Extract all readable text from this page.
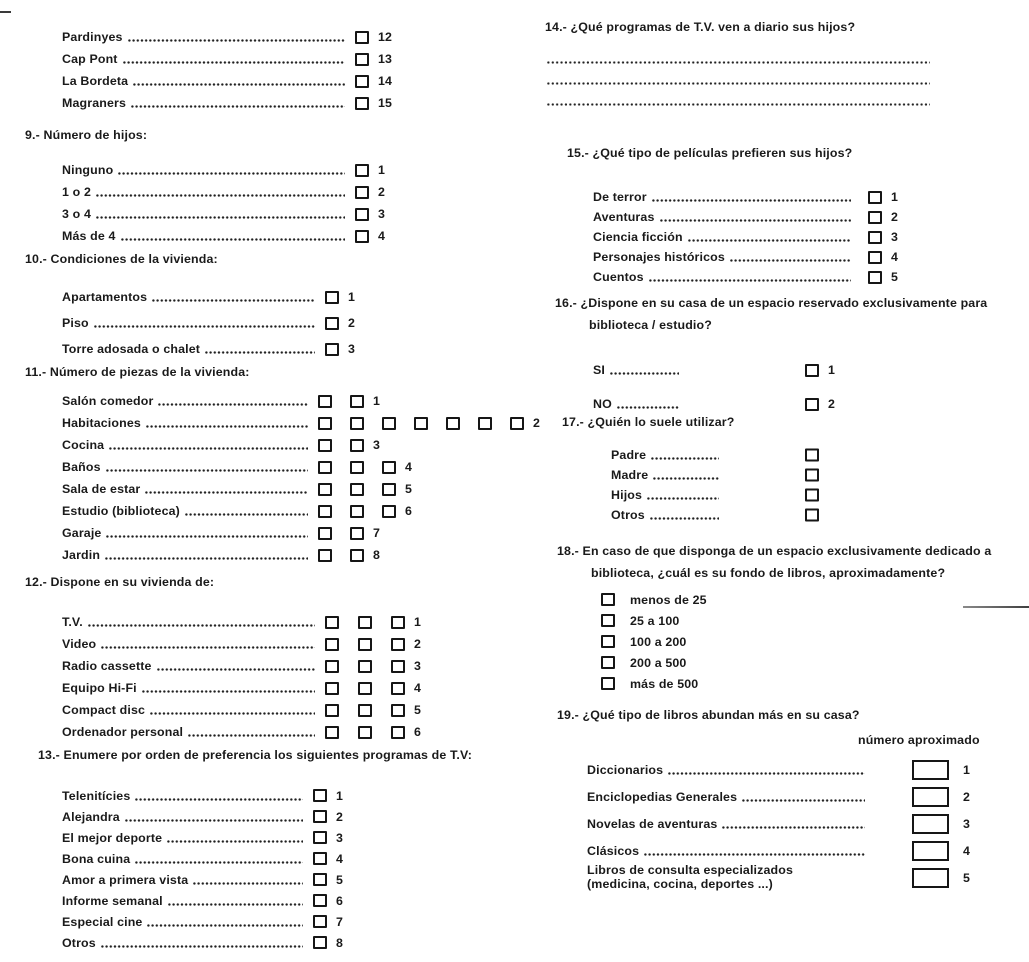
Pardinyes	12
Cap Pont	13
La Bordeta	14
Magraners	15
9.- Número de hijos:
Ninguno	1
1 o 2	2
3 o 4	3
Más de 4	4
10.- Condiciones de la vivienda:
Apartamentos	1
Piso	2
Torre adosada o chalet	3
11.- Número de piezas de la vivienda:
Salón comedor	1
Habitaciones	2
Cocina	3
Baños	4
Sala de estar	5
Estudio (biblioteca)	6
Garaje	7
Jardin	8
12.- Dispone en su vivienda de:
T.V.	1
Video	2
Radio cassette	3
Equipo Hi-Fi	4
Compact disc	5
Ordenador personal	6
13.- Enumere por orden de preferencia los siguientes programas de T.V:
Telenitícies	1
Alejandra	2
El mejor deporte	3
Bona cuina	4
Amor a primera vista	5
Informe semanal	6
Especial cine	7
Otros	8
14.- ¿Qué programas de T.V. ven a diario sus hijos?
15.- ¿Qué tipo de películas prefieren sus hijos?
De terror	1
Aventuras	2
Ciencia ficción	3
Personajes históricos	4
Cuentos	5
16.- ¿Dispone en su casa de un espacio reservado exclusivamente para biblioteca / estudio?
SI	1
NO	2
17.- ¿Quién lo suele utilizar?
Padre
Madre
Hijos
Otros
18.- En caso de que disponga de un espacio exclusivamente dedicado a biblioteca, ¿cuál es su fondo de libros, aproximadamente?
menos de 25
25 a 100
100 a 200
200 a 500
más de 500
19.- ¿Qué tipo de libros abundan más en su casa?
número aproximado
Diccionarios	1
Enciclopedias Generales	2
Novelas de aventuras	3
Clásicos	4
Libros de consulta especializados
(medicina, cocina, deportes ...)	5
